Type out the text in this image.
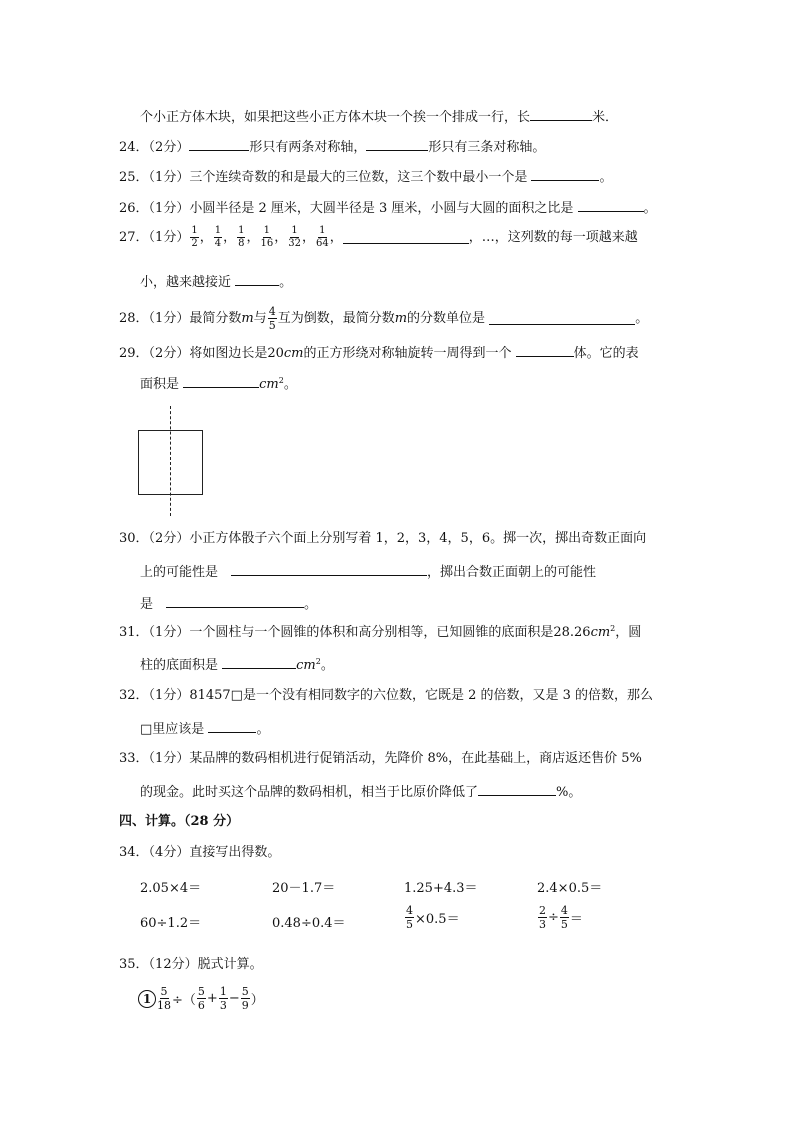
个小正方体木块，如果把这些小正方体木块一个挨一个排成一行，长	米．
24．（2分）	形只有两条对称轴，	形只有三条对称轴。
25．（1分）三个连续奇数的和是最大的三位数，这三个数中最小一个是	。
26．（1分）小圆半径是 2 厘米，大圆半径是 3 厘米，小圆与大圆的面积之比是	。
27．（1分） $\frac{1}{2}$ ， $\frac{1}{4}$ ， $\frac{1}{8}$ ， $\frac{1}{16}$ ， $\frac{1}{32}$ ， $\frac{1}{64}$ ，	，…，这列数的每一项越来越
小，越来越接近	。
28．（1分）最简分数m与 $\frac{4}{5}$ 互为倒数，最简分数m的分数单位是	。
29．（2分）将如图边长是20cm的正方形绕对称轴旋转一周得到一个	体。它的表
面积是	$cm^2$。
30．（2分）小正方体骰子六个面上分别写着 1，2，3，4，5，6。掷一次，掷出奇数正面向
上的可能性是　	，掷出合数正面朝上的可能性
是　	。
31．（1分）一个圆柱与一个圆锥的体积和高分别相等，已知圆锥的底面积是$28.26cm^2$，圆
柱的底面积是	$cm^2$。
32．（1分）81457□是一个没有相同数字的六位数，它既是 2 的倍数，又是 3 的倍数，那么
□里应该是	。
33．（1分）某品牌的数码相机进行促销活动，先降价 8%，在此基础上，商店返还售价 5%
的现金。此时买这个品牌的数码相机，相当于比原价降低了	%。
四、计算。（28 分）
34．（4分）直接写出得数。
2.05×4＝	20－1.7＝	1.25+4.3＝	2.4×0.5＝
60÷1.2＝	0.48÷0.4＝	$\frac{4}{5} \times 0.5=$	$\frac{2}{3} \div \frac{4}{5}$ ＝
35．（12分）脱式计算。
$1 \frac{5}{18}$ ÷（ $\frac{5}{6} + \frac{1}{3} - \frac{5}{9}$ ）
